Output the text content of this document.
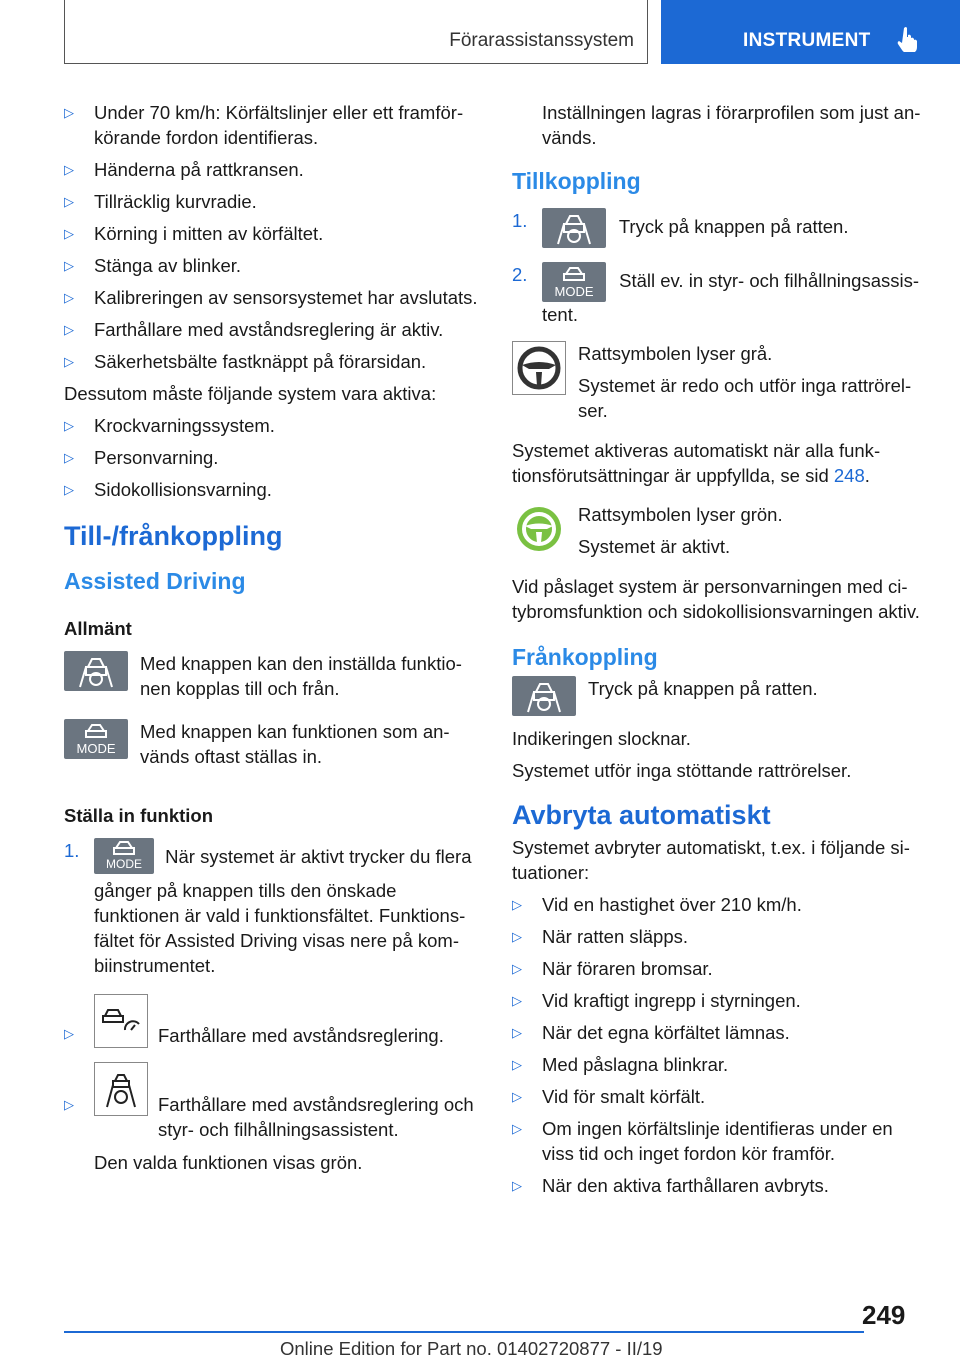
Förarassistanssystem	INSTRUMENT
▷ Under 70 km/h: Körfältslinjer eller ett framförkörande fordon identifieras.
▷ Händerna på rattkransen.
▷ Tillräcklig kurvradie.
▷ Körning i mitten av körfältet.
▷ Stänga av blinker.
▷ Kalibreringen av sensorsystemet har avslutats.
▷ Farthållare med avståndsreglering är aktiv.
▷ Säkerhetsbälte fastknäppt på förarsidan.

Dessutom måste följande system vara aktiva:

▷ Krockvarningssystem.
▷ Personvarning.
▷ Sidokollisionsvarning.
Till-/frånkoppling
Assisted Driving
Allmänt
Med knappen kan den inställda funktionen kopplas till och från.
MODE
Med knappen kan funktionen som används oftast ställas in.
Ställa in funktion
1.
MODE När systemet är aktivt trycker du flera gånger på knappen tills den önskade funktionen är vald i funktionsfältet. Funktionsfältet för Assisted Driving visas nere på kombiinstrumentet.
▷	Farthållare med avståndsreglering.
▷	Farthållare med avståndsreglering och styr- och filhållningsassistent.

Den valda funktionen visas grön.

Inställningen lagras i förarprofilen som just används.

Tillkoppling
1.	Tryck på knappen på ratten.
2.
MODE
Ställ ev. in styr- och filhållningsassistent.

Rattsymbolen lyser grå.

Systemet är redo och utför inga rattrörelser.

Systemet aktiveras automatiskt när alla funktionsförutsättningar är uppfyllda, se sid 248.

Rattsymbolen lyser grön.

Systemet är aktivt.

Vid påslaget system är personvarningen med citybromsfunktion och sidokollisionsvarningen aktiv.

Frånkoppling
Tryck på knappen på ratten.

Indikeringen slocknar.

Systemet utför inga stöttande rattrörelser.

Avbryta automatiskt

Systemet avbryter automatiskt, t.ex. i följande situationer:

▷ Vid en hastighet över 210 km/h.
▷ När ratten släpps.
▷ När föraren bromsar.
▷ Vid kraftigt ingrepp i styrningen.
▷ När det egna körfältet lämnas.
▷ Med påslagna blinkrar.
▷ Vid för smalt körfält.
▷ Om ingen körfältslinje identifieras under en viss tid och inget fordon kör framför.
▷ När den aktiva farthållaren avbryts.
249
Online Edition for Part no. 01402720877 - II/19
